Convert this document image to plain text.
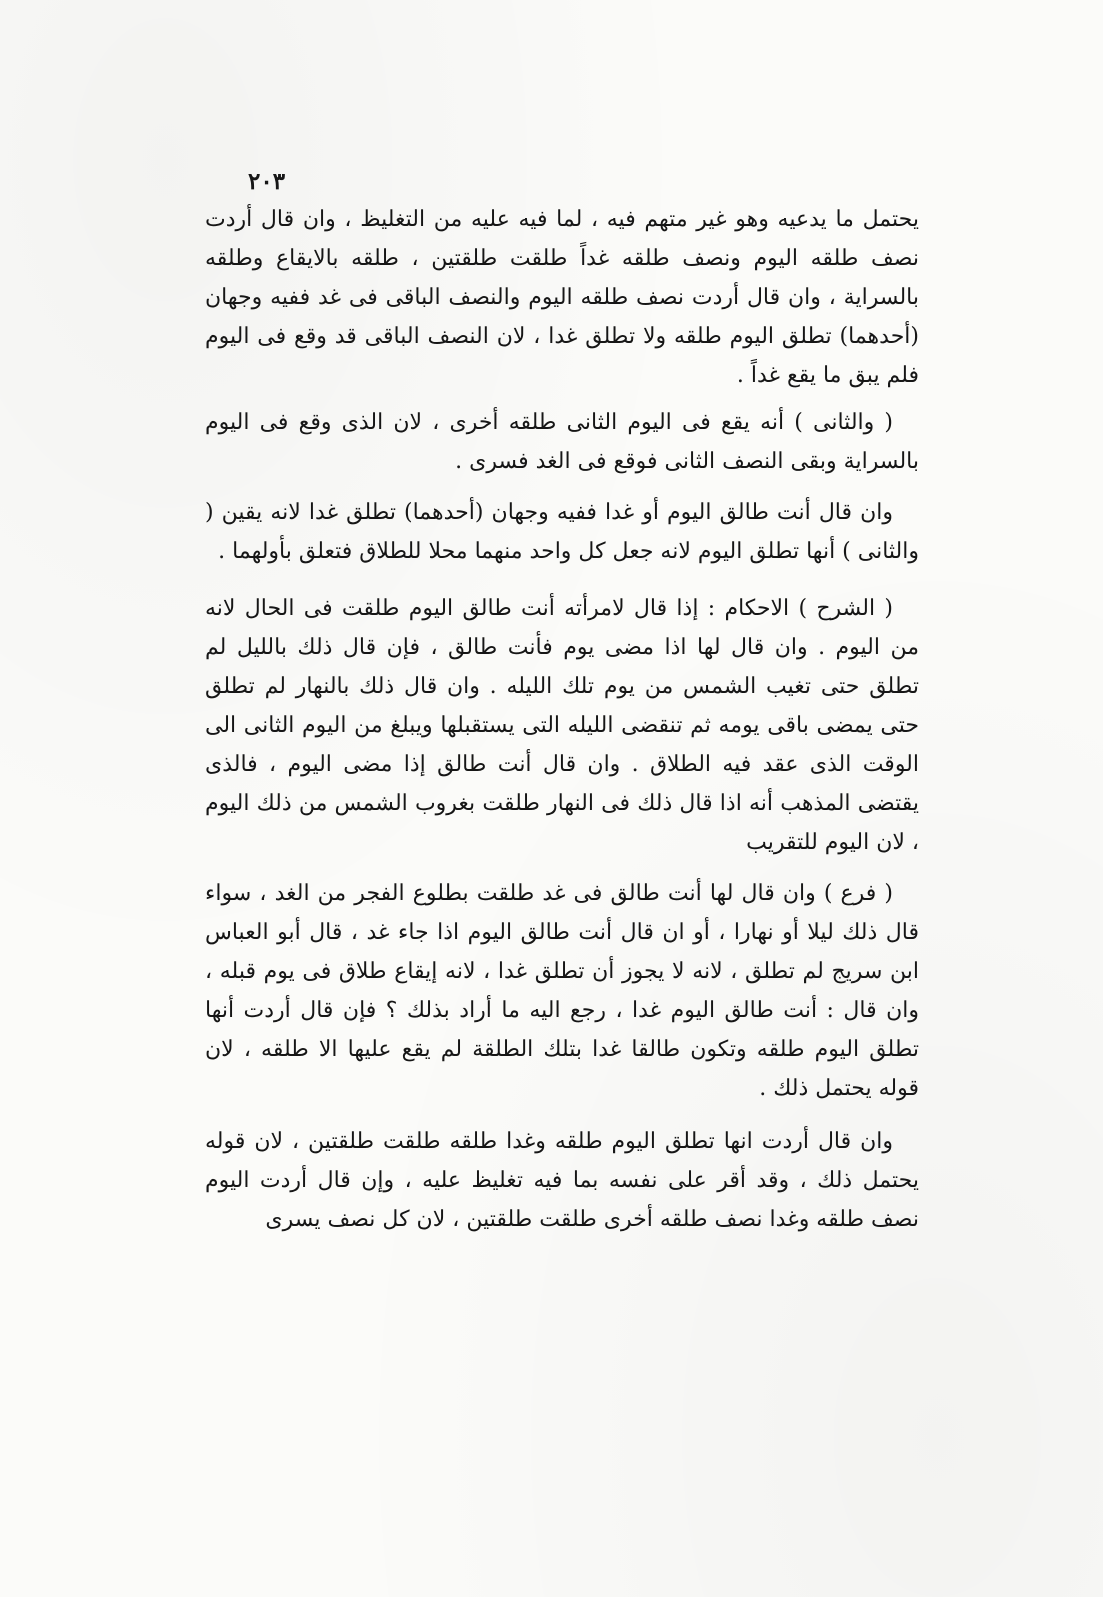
٢٠٣

يحتمل ما يدعيه وهو غير متهم فيه ، لما فيه عليه من التغليظ ، وان قال أردت نصف طلقه اليوم ونصف طلقه غداً طلقت طلقتين ، طلقه بالايقاع وطلقه بالسراية ، وان قال أردت نصف طلقه اليوم والنصف الباقى فى غد ففيه وجهان (أحدهما) تطلق اليوم طلقه ولا تطلق غدا ، لان النصف الباقى قد وقع فى اليوم فلم يبق ما يقع غداً .

( والثانى ) أنه يقع فى اليوم الثانى طلقه أخرى ، لان الذى وقع فى اليوم بالسراية وبقى النصف الثانى فوقع فى الغد فسرى .

وان قال أنت طالق اليوم أو غدا ففيه وجهان (أحدهما) تطلق غدا لانه يقين ( والثانى ) أنها تطلق اليوم لانه جعل كل واحد منهما محلا للطلاق فتعلق بأولهما .

( الشرح ) الاحكام : إذا قال لامرأته أنت طالق اليوم طلقت فى الحال لانه من اليوم . وان قال لها اذا مضى يوم فأنت طالق ، فإن قال ذلك بالليل لم تطلق حتى تغيب الشمس من يوم تلك الليله . وان قال ذلك بالنهار لم تطلق حتى يمضى باقى يومه ثم تنقضى الليله التى يستقبلها ويبلغ من اليوم الثانى الى الوقت الذى عقد فيه الطلاق . وان قال أنت طالق إذا مضى اليوم ، فالذى يقتضى المذهب أنه اذا قال ذلك فى النهار طلقت بغروب الشمس من ذلك اليوم ، لان اليوم للتقريب

( فرع ) وان قال لها أنت طالق فى غد طلقت بطلوع الفجر من الغد ، سواء قال ذلك ليلا أو نهارا ، أو ان قال أنت طالق اليوم اذا جاء غد ، قال أبو العباس ابن سريج لم تطلق ، لانه لا يجوز أن تطلق غدا ، لانه إيقاع طلاق فى يوم قبله ، وان قال : أنت طالق اليوم غدا ، رجع اليه ما أراد بذلك ؟ فإن قال أردت أنها تطلق اليوم طلقه وتكون طالقا غدا بتلك الطلقة لم يقع عليها الا طلقه ، لان قوله يحتمل ذلك .

وان قال أردت انها تطلق اليوم طلقه وغدا طلقه طلقت طلقتين ، لان قوله يحتمل ذلك ، وقد أقر على نفسه بما فيه تغليظ عليه ، وإن قال أردت اليوم نصف طلقه وغدا نصف طلقه أخرى طلقت طلقتين ، لان كل نصف يسرى
